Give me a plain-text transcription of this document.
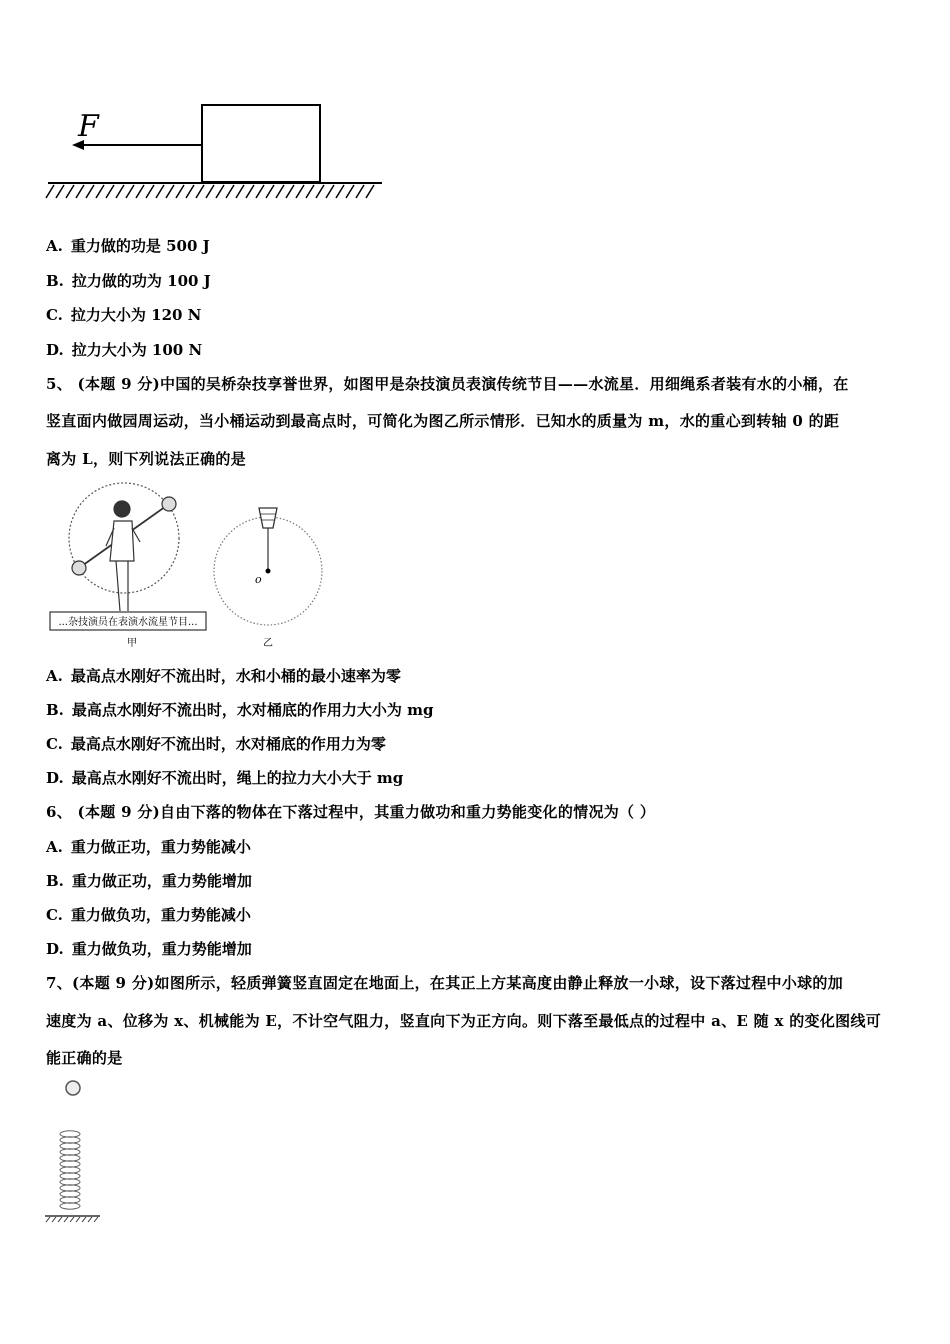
F
A. 重力做的功是 500 J
B. 拉力做的功为 100 J
C. 拉力大小为 120 N
D. 拉力大小为 100 N
5、 (本题 9 分)中国的吴桥杂技享誉世界，如图甲是杂技演员表演传统节目——水流星．用细绳系者装有水的小桶，在
竖直面内做园周运动，当小桶运动到最高点时，可简化为图乙所示情形．已知水的质量为 m，水的重心到转轴 0 的距
离为 L，则下列说法正确的是
...杂技演员在表演水流星节目...
甲
o
乙
A. 最高点水刚好不流出时，水和小桶的最小速率为零
B. 最高点水刚好不流出时，水对桶底的作用力大小为 mg
C. 最高点水刚好不流出时，水对桶底的作用力为零
D. 最高点水刚好不流出时，绳上的拉力大小大于 mg
6、 (本题 9 分)自由下落的物体在下落过程中，其重力做功和重力势能变化的情况为（ ）
A. 重力做正功，重力势能减小
B. 重力做正功，重力势能增加
C. 重力做负功，重力势能减小
D. 重力做负功，重力势能增加
7、(本题 9 分)如图所示，轻质弹簧竖直固定在地面上，在其正上方某高度由静止释放一小球，设下落过程中小球的加
速度为 a、位移为 x、机械能为 E，不计空气阻力，竖直向下为正方向。则下落至最低点的过程中 a、E 随 x 的变化图线可
能正确的是
